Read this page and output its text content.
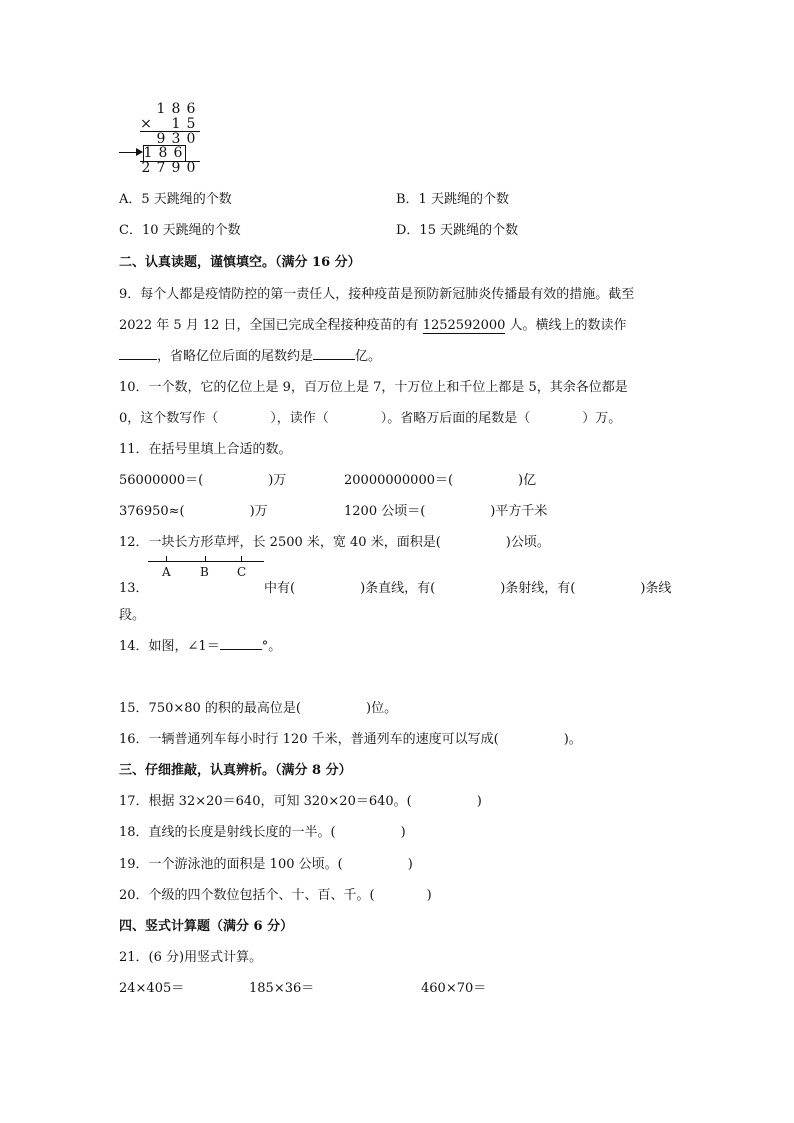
1 8 6
× 1 5
9 3 0
1 8 6
2 7 9 0
A．5 天跳绳的个数	B．1 天跳绳的个数
C．10 天跳绳的个数	D．15 天跳绳的个数
二、认真读题，谨慎填空。（满分 16 分）
9．每个人都是疫情防控的第一责任人，接种疫苗是预防新冠肺炎传播最有效的措施。截至
2022 年 5 月 12 日，全国已完成全程接种疫苗的有 1252592000 人。横线上的数读作
，省略亿位后面的尾数约是	亿。
10．一个数，它的亿位上是 9，百万位上是 7，十万位上和千位上都是 5，其余各位都是
0，这个数写作（　　　　），读作（　　　　）。省略万后面的尾数是（　　　　）万。
11．在括号里填上合适的数。
56000000＝(　　　　　)万	20000000000＝(　　　　　)亿
376950≈(　　　　　)万	1200 公顷＝(　　　　　)平方千米
12．一块长方形草坪，长 2500 米，宽 40 米，面积是(　　　　　)公顷。
A B C
13．	中有(　　　　　)条直线，有(　　　　　)条射线，有(　　　　　)条线
段。
14．如图，∠1＝	°。
15．750×80 的积的最高位是(　　　　　)位。
16．一辆普通列车每小时行 120 千米，普通列车的速度可以写成(　　　　　)。
三、仔细推敲，认真辨析。（满分 8 分）
17．根据 32×20＝640，可知 320×20＝640。(　　　　　)
18．直线的长度是射线长度的一半。(　　　　　)
19．一个游泳池的面积是 100 公顷。(　　　　　)
20．个级的四个数位包括个、十、百、千。(　　　　)
四、竖式计算题（满分 6 分）
21．(6 分)用竖式计算。
24×405＝	185×36＝	460×70＝
